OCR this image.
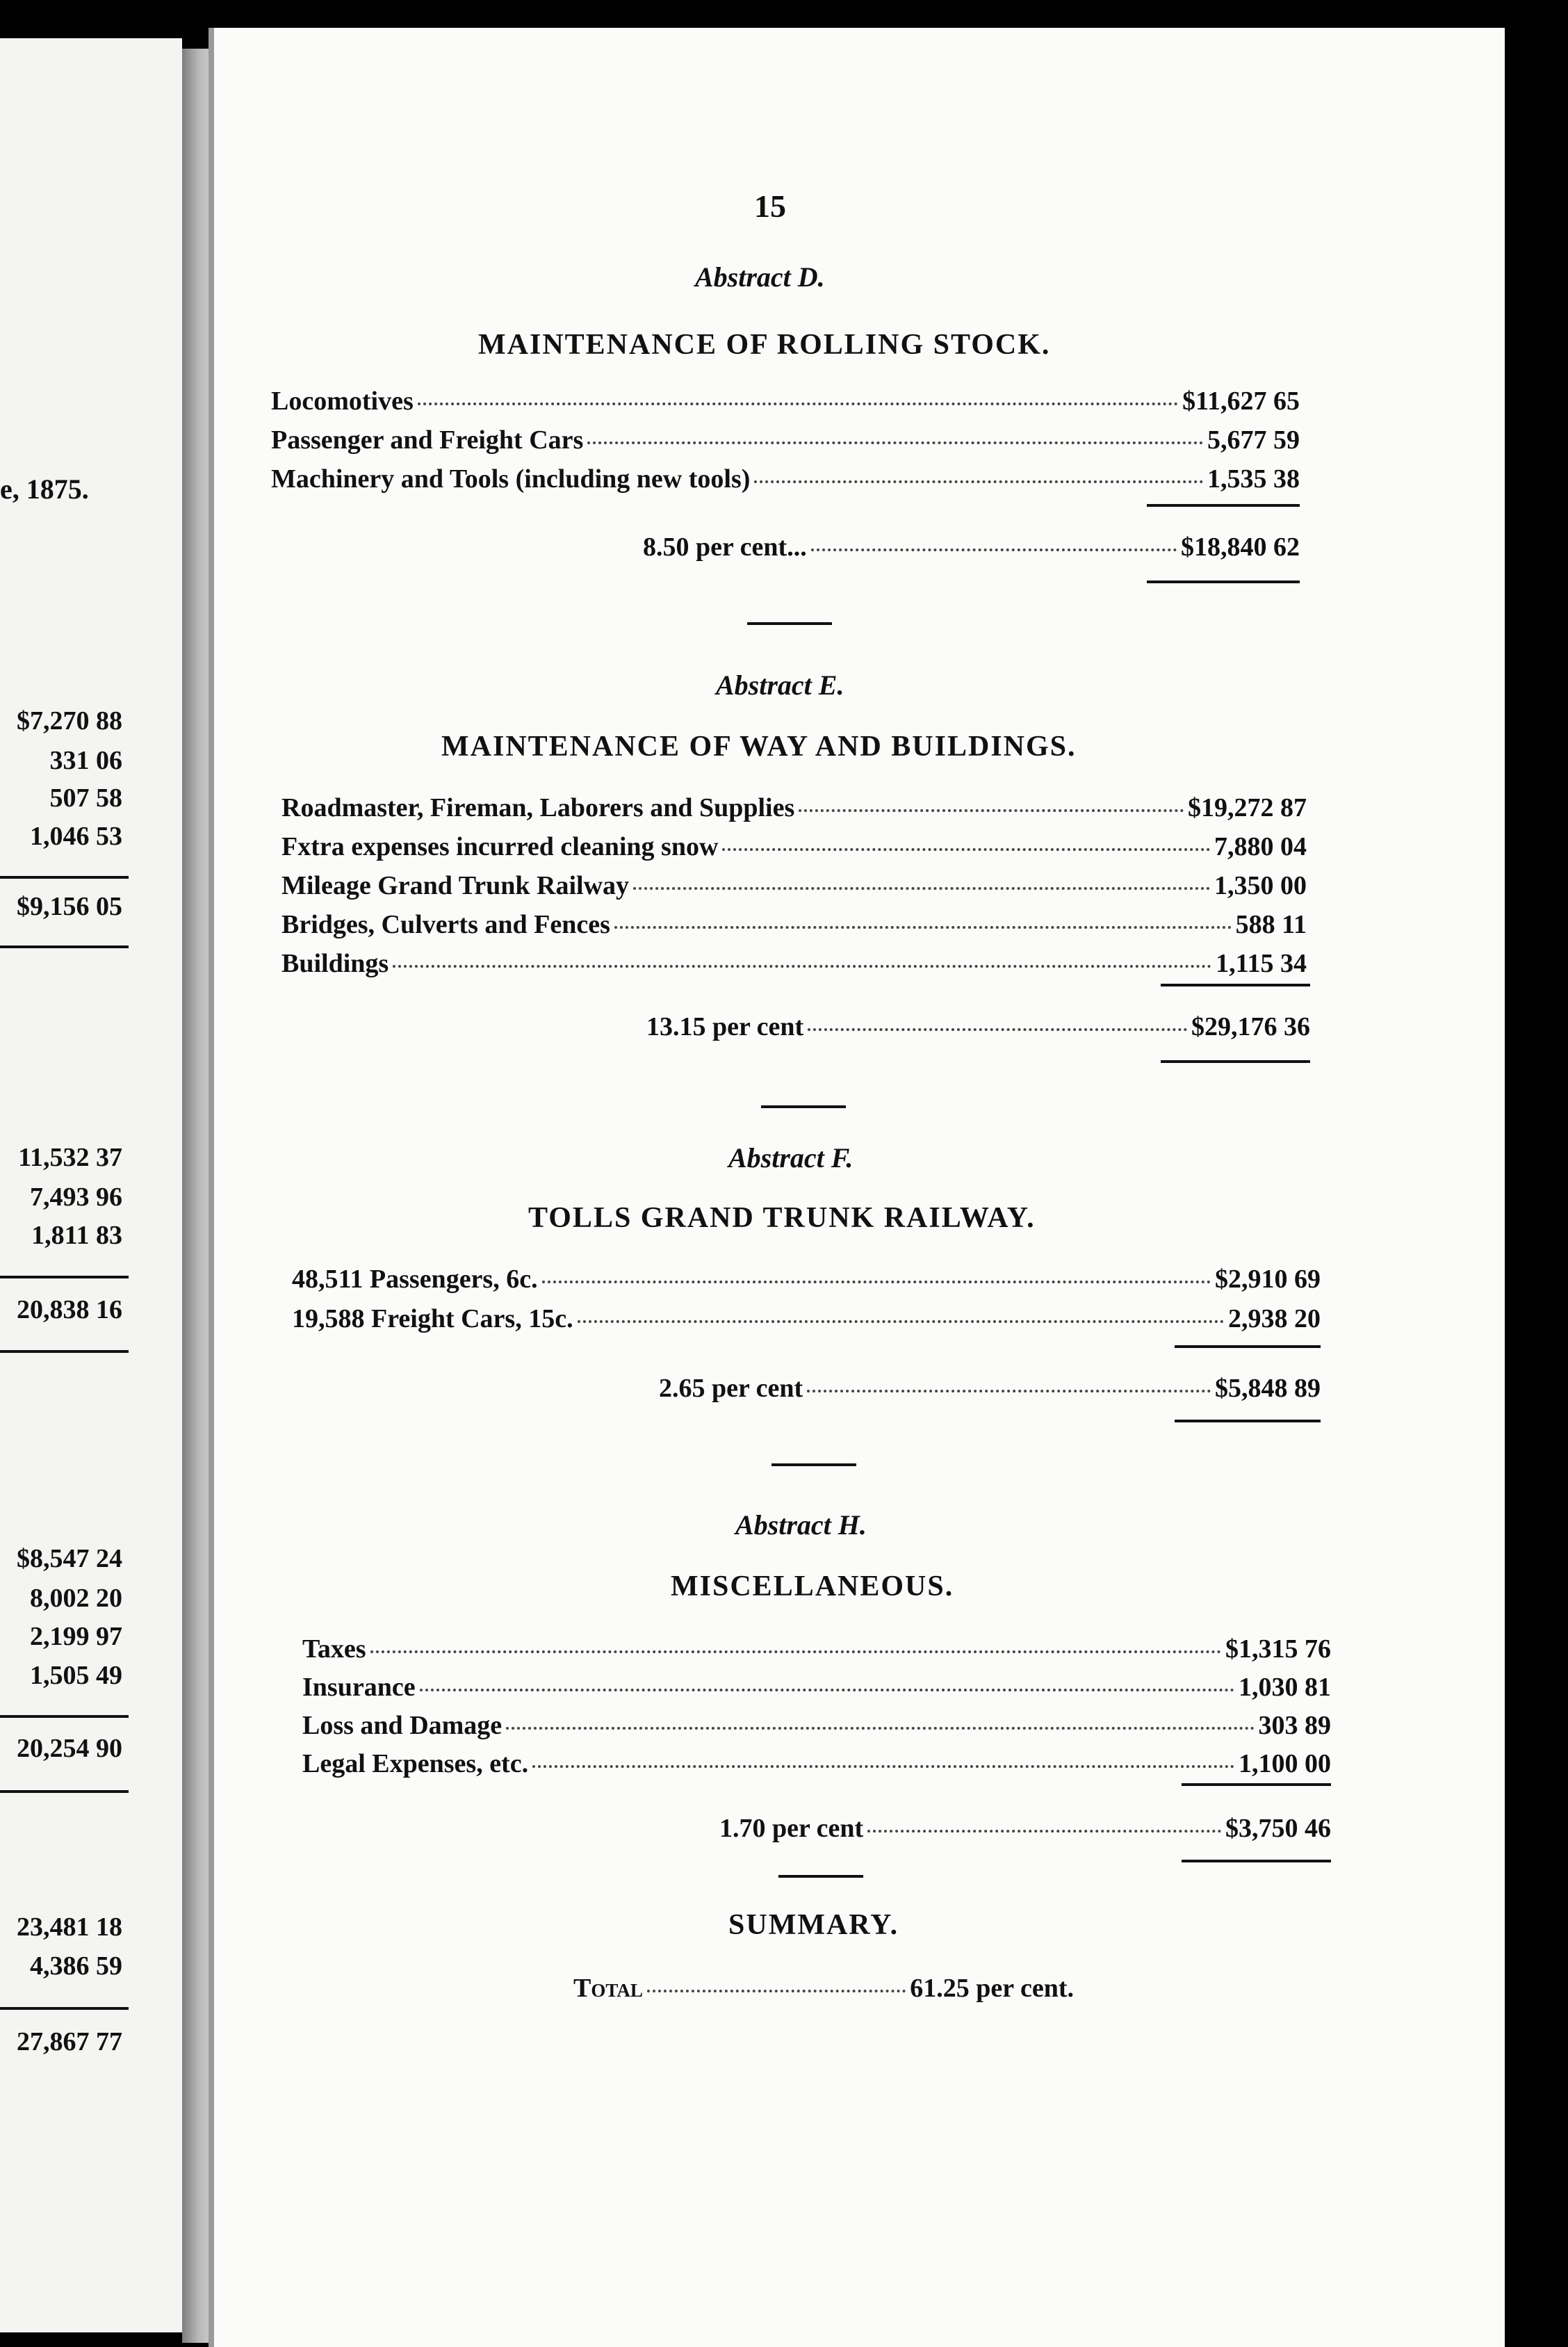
e, 1875.
$7,270 88
331 06
507 58
1,046 53
$9,156 05
11,532 37
7,493 96
1,811 83
20,838 16
$8,547 24
8,002 20
2,199 97
1,505 49
20,254 90
23,481 18
4,386 59
27,867 77
15
Abstract D.
MAINTENANCE OF ROLLING STOCK.
Locomotives	$11,627 65
Passenger and Freight Cars	5,677 59
Machinery and Tools (including new tools)	1,535 38
8.50 per cent...	$18,840 62
Abstract E.
MAINTENANCE OF WAY AND BUILDINGS.
Roadmaster, Fireman, Laborers and Supplies	$19,272 87
Fxtra expenses incurred cleaning snow	7,880 04
Mileage Grand Trunk Railway	1,350 00
Bridges, Culverts and Fences	588 11
Buildings	1,115 34
13.15 per cent	$29,176 36
Abstract F.
TOLLS GRAND TRUNK RAILWAY.
48,511 Passengers, 6c.	$2,910 69
19,588 Freight Cars, 15c.	2,938 20
2.65 per cent	$5,848 89
Abstract H.
MISCELLANEOUS.
Taxes	$1,315 76
Insurance	1,030 81
Loss and Damage	303 89
Legal Expenses, etc.	1,100 00
1.70 per cent	$3,750 46
SUMMARY.
Total	61.25 per cent.
